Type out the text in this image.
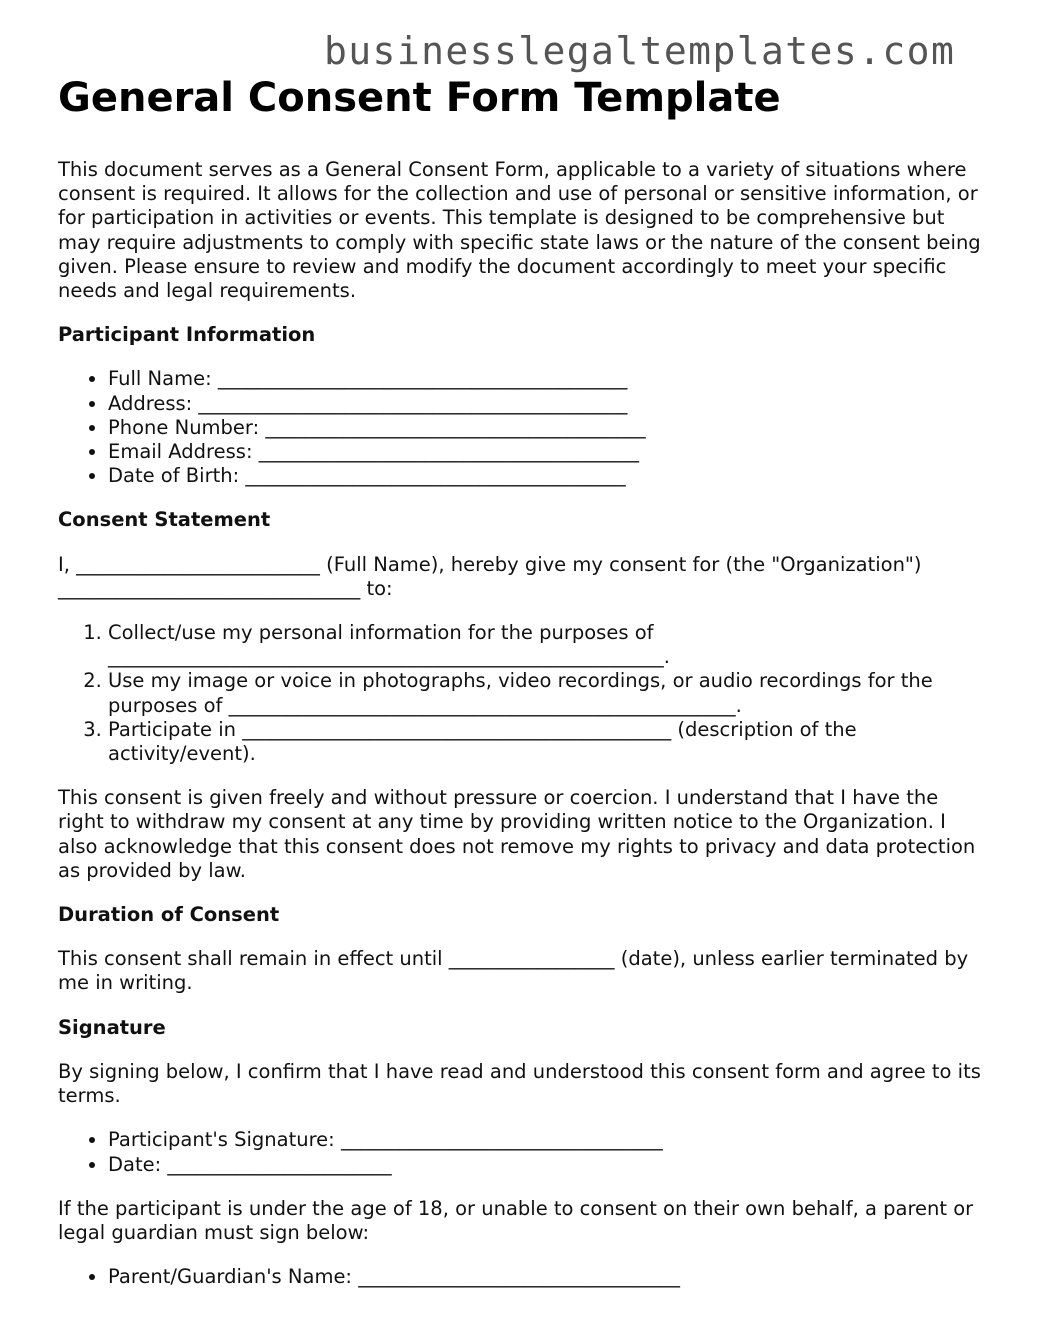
businesslegaltemplates.com
General Consent Form Template

This document serves as a General Consent Form, applicable to a variety of situations where consent is required. It allows for the collection and use of personal or sensitive information, or for participation in activities or events. This template is designed to be comprehensive but may require adjustments to comply with specific state laws or the nature of the consent being given. Please ensure to review and modify the document accordingly to meet your specific needs and legal requirements.

Participant Information
• Full Name: __________________________________________
• Address: ____________________________________________
• Phone Number: _______________________________________
• Email Address: _______________________________________
• Date of Birth: _______________________________________
Consent Statement

I, _________________________ (Full Name), hereby give my consent for (the "Organization") _______________________________ to:

1. Collect/use my personal information for the purposes of _________________________________________________________.
2. Use my image or voice in photographs, video recordings, or audio recordings for the purposes of ____________________________________________________.
3. Participate in ____________________________________________ (description of the activity/event).

This consent is given freely and without pressure or coercion. I understand that I have the right to withdraw my consent at any time by providing written notice to the Organization. I also acknowledge that this consent does not remove my rights to privacy and data protection as provided by law.

Duration of Consent

This consent shall remain in effect until _________________ (date), unless earlier terminated by me in writing.

Signature

By signing below, I confirm that I have read and understood this consent form and agree to its terms.

• Participant's Signature: _________________________________
• Date: _______________________

If the participant is under the age of 18, or unable to consent on their own behalf, a parent or legal guardian must sign below:

• Parent/Guardian's Name: _________________________________
